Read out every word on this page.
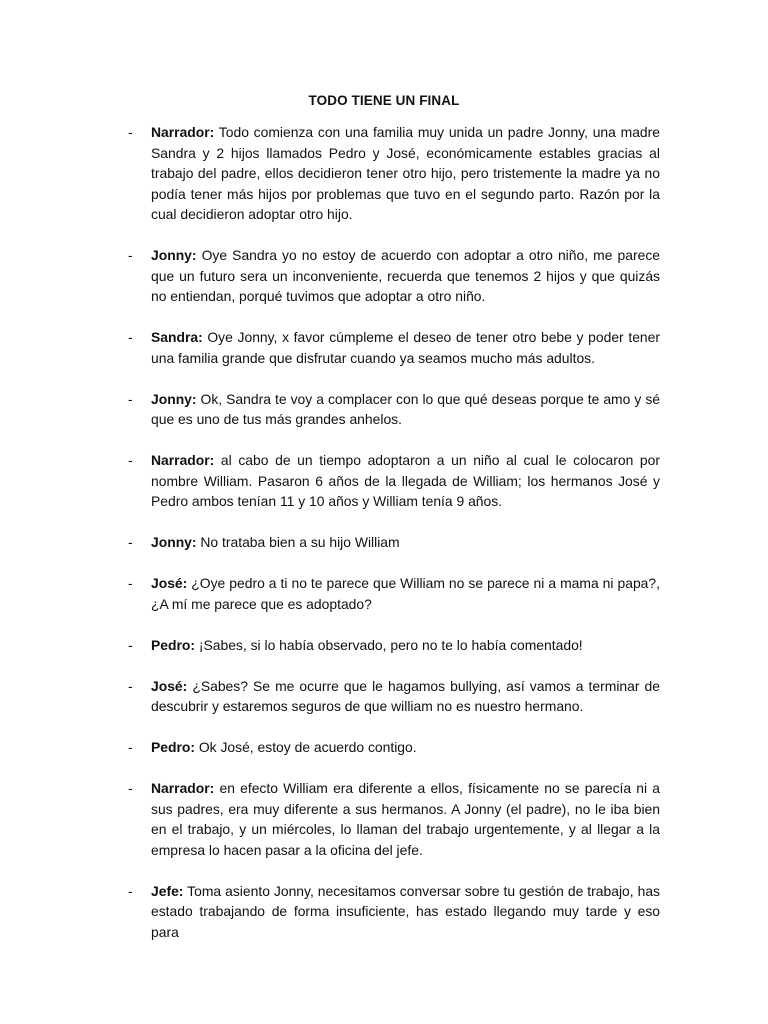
TODO TIENE UN FINAL
- Narrador: Todo comienza con una familia muy unida un padre Jonny, una madre Sandra y 2 hijos llamados Pedro y José, económicamente estables gracias al trabajo del padre, ellos decidieron tener otro hijo, pero tristemente la madre ya no podía tener más hijos por problemas que tuvo en el segundo parto. Razón por la cual decidieron adoptar otro hijo.

- Jonny: Oye Sandra yo no estoy de acuerdo con adoptar a otro niño, me parece que un futuro sera un inconveniente, recuerda que tenemos 2 hijos y que quizás no entiendan, porqué tuvimos que adoptar a otro niño.

- Sandra: Oye Jonny, x favor cúmpleme el deseo de tener otro bebe y poder tener una familia grande que disfrutar cuando ya seamos mucho más adultos.

- Jonny: Ok, Sandra te voy a complacer con lo que qué deseas porque te amo y sé que es uno de tus más grandes anhelos.

- Narrador: al cabo de un tiempo adoptaron a un niño al cual le colocaron por nombre William. Pasaron 6 años de la llegada de William; los hermanos José y Pedro ambos tenían 11 y 10 años y William tenía 9 años.

- Jonny: No trataba bien a su hijo William

- José: ¿Oye pedro a ti no te parece que William no se parece ni a mama ni papa?, ¿A mí me parece que es adoptado?

- Pedro: ¡Sabes, si lo había observado, pero no te lo había comentado!

- José: ¿Sabes? Se me ocurre que le hagamos bullying, así vamos a terminar de descubrir y estaremos seguros de que william no es nuestro hermano.

- Pedro: Ok José, estoy de acuerdo contigo.

- Narrador: en efecto William era diferente a ellos, físicamente no se parecía ni a sus padres, era muy diferente a sus hermanos. A Jonny (el padre), no le iba bien en el trabajo, y un miércoles, lo llaman del trabajo urgentemente, y al llegar a la empresa lo hacen pasar a la oficina del jefe.

- Jefe: Toma asiento Jonny, necesitamos conversar sobre tu gestión de trabajo, has estado trabajando de forma insuficiente, has estado llegando muy tarde y eso para
